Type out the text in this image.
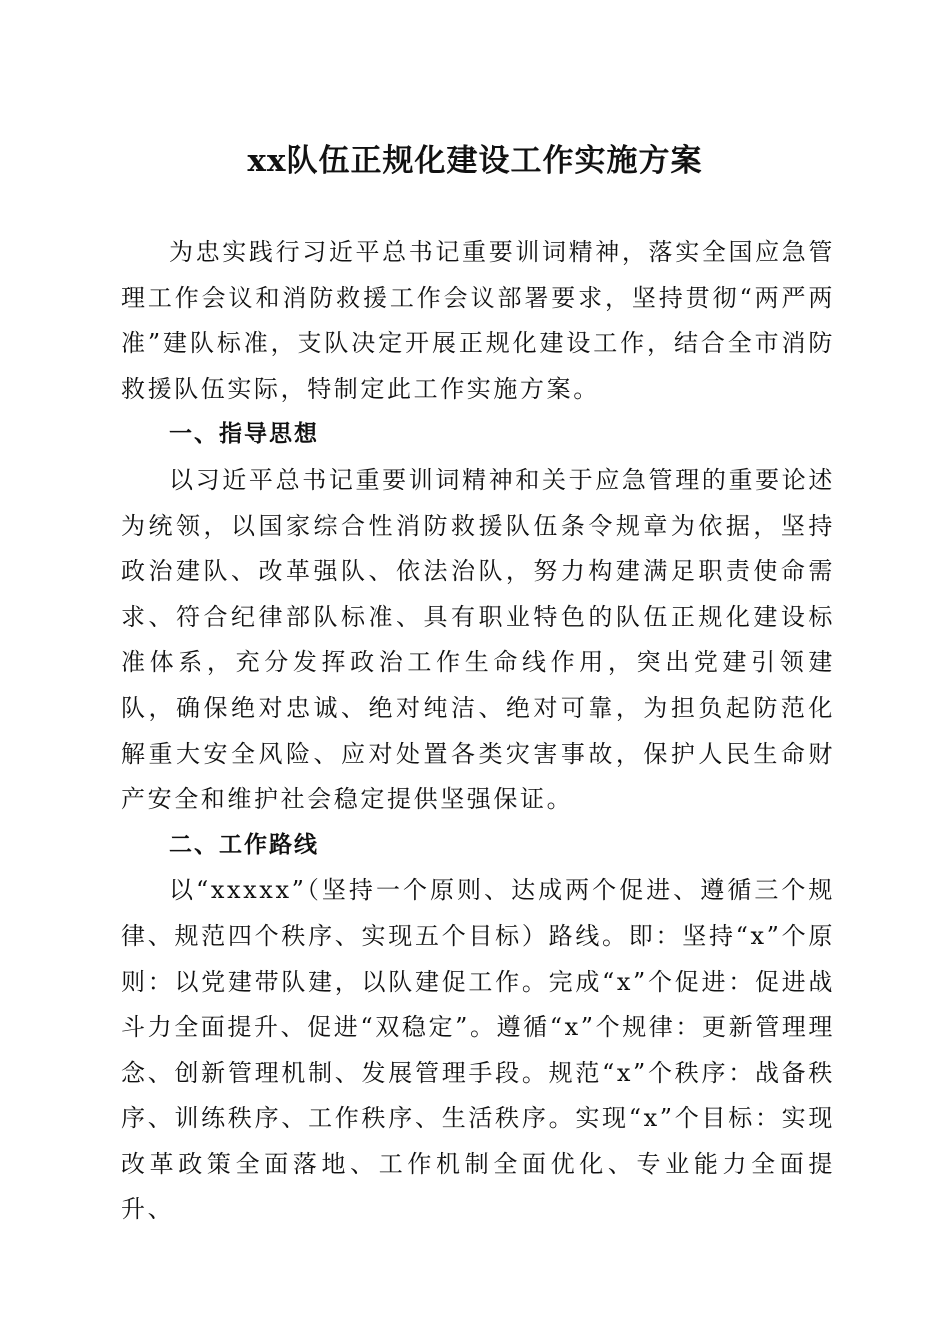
xx队伍正规化建设工作实施方案

为忠实践行习近平总书记重要训词精神，落实全国应急管理工作会议和消防救援工作会议部署要求，坚持贯彻“两严两准”建队标准，支队决定开展正规化建设工作，结合全市消防救援队伍实际，特制定此工作实施方案。

一、指导思想

以习近平总书记重要训词精神和关于应急管理的重要论述为统领，以国家综合性消防救援队伍条令规章为依据，坚持政治建队、改革强队、依法治队，努力构建满足职责使命需求、符合纪律部队标准、具有职业特色的队伍正规化建设标准体系，充分发挥政治工作生命线作用，突出党建引领建队，确保绝对忠诚、绝对纯洁、绝对可靠，为担负起防范化解重大安全风险、应对处置各类灾害事故，保护人民生命财产安全和维护社会稳定提供坚强保证。

二、工作路线

以“xxxxx”（坚持一个原则、达成两个促进、遵循三个规律、规范四个秩序、实现五个目标）路线。即：坚持“x”个原则：以党建带队建，以队建促工作。完成“x”个促进：促进战斗力全面提升、促进“双稳定”。遵循“x”个规律：更新管理理念、创新管理机制、发展管理手段。规范“x”个秩序：战备秩序、训练秩序、工作秩序、生活秩序。实现“x”个目标：实现改革政策全面落地、工作机制全面优化、专业能力全面提升、
